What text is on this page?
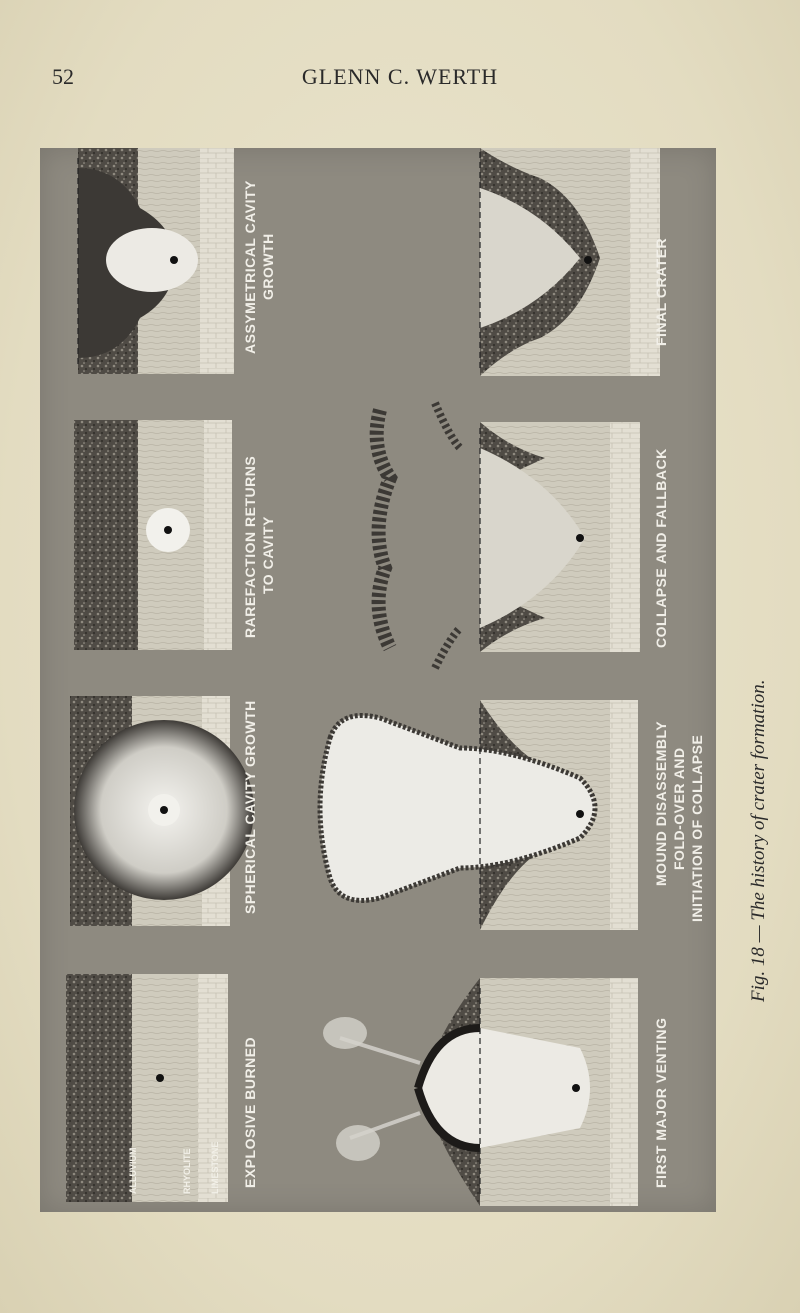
52	GLENN C. WERTH
ALLUVIUM	RHYOLITE LIMESTONE EXPLOSIVE BURNED
SPHERICAL CAVITY GROWTH
RAREFACTION RETURNS TO CAVITY
ASSYMETRICAL CAVITY GROWTH
FIRST MAJOR VENTING
MOUND DISASSEMBLY FOLD-OVER AND INITIATION OF COLLAPSE
COLLAPSE AND FALLBACK
FINAL CRATER
Fig. 18 — The history of crater formation.
